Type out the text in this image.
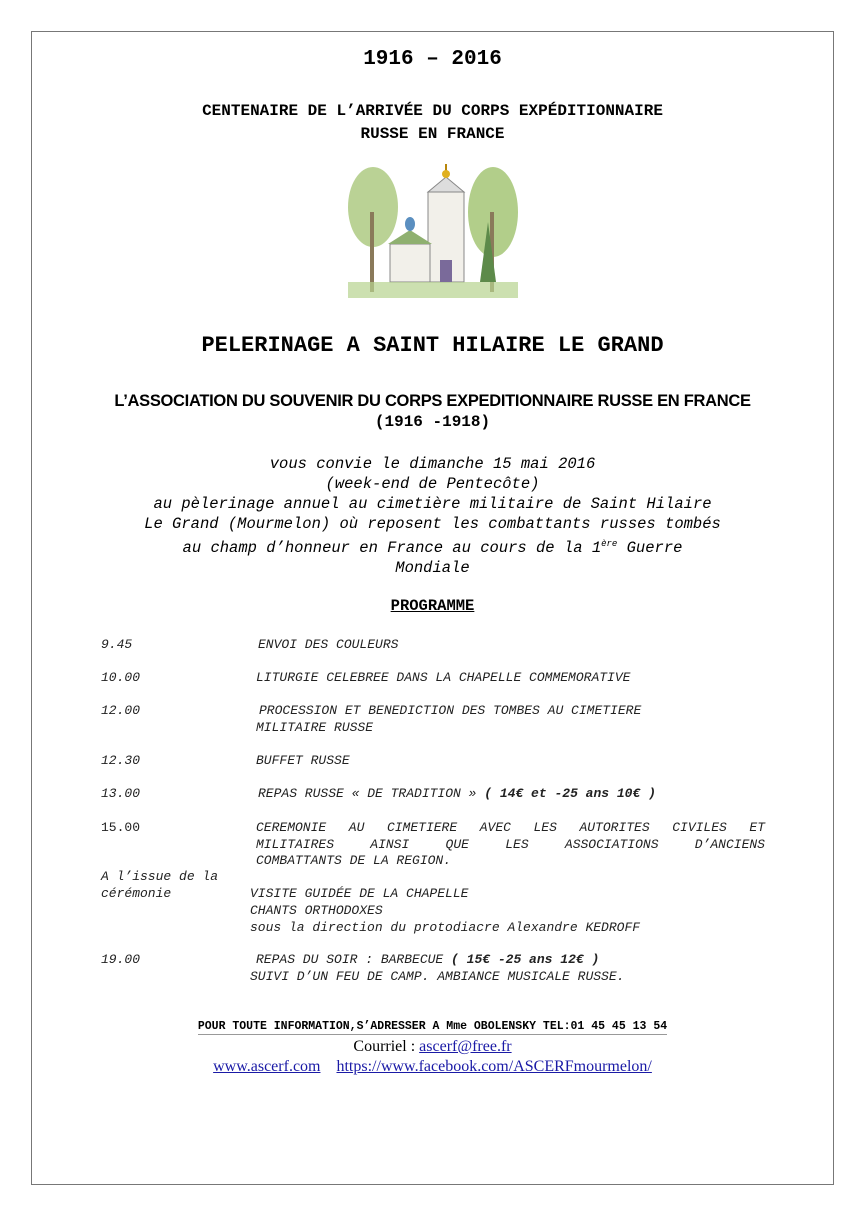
1916 – 2016
CENTENAIRE DE L’ARRIVÉE DU CORPS EXPÉDITIONNAIRE
RUSSE EN FRANCE
PELERINAGE A SAINT HILAIRE LE GRAND
L’ASSOCIATION DU SOUVENIR DU CORPS EXPEDITIONNAIRE RUSSE EN FRANCE
(1916 -1918)
vous convie le dimanche 15 mai 2016
(week-end de Pentecôte)
au pèlerinage annuel au cimetière militaire de Saint Hilaire
Le Grand (Mourmelon) où reposent les combattants russes tombés
au champ d’honneur en France au cours de la 1ère Guerre
Mondiale
PROGRAMME
9.45	ENVOI DES COULEURS
10.00	LITURGIE CELEBREE DANS LA CHAPELLE COMMEMORATIVE
12.00	PROCESSION ET BENEDICTION DES TOMBES AU CIMETIERE
MILITAIRE RUSSE
12.30	BUFFET RUSSE
13.00	REPAS RUSSE « DE TRADITION » ( 14€ et -25 ans 10€ )
15.00	CEREMONIE AU CIMETIERE AVEC LES AUTORITES CIVILES ET
MILITAIRES AINSI QUE LES ASSOCIATIONS D’ANCIENS
COMBATTANTS DE LA REGION.
A l’issue de la
cérémonie	VISITE GUIDÉE DE LA CHAPELLE
CHANTS ORTHODOXES
sous la direction du protodiacre Alexandre KEDROFF
19.00	REPAS DU SOIR : BARBECUE ( 15€ -25 ans 12€ )
SUIVI D’UN FEU DE CAMP. AMBIANCE MUSICALE RUSSE.
POUR TOUTE INFORMATION,S’ADRESSER A Mme OBOLENSKY TEL:01 45 45 13 54
Courriel : ascerf@free.fr
www.ascerf.com https://www.facebook.com/ASCERFmourmelon/
